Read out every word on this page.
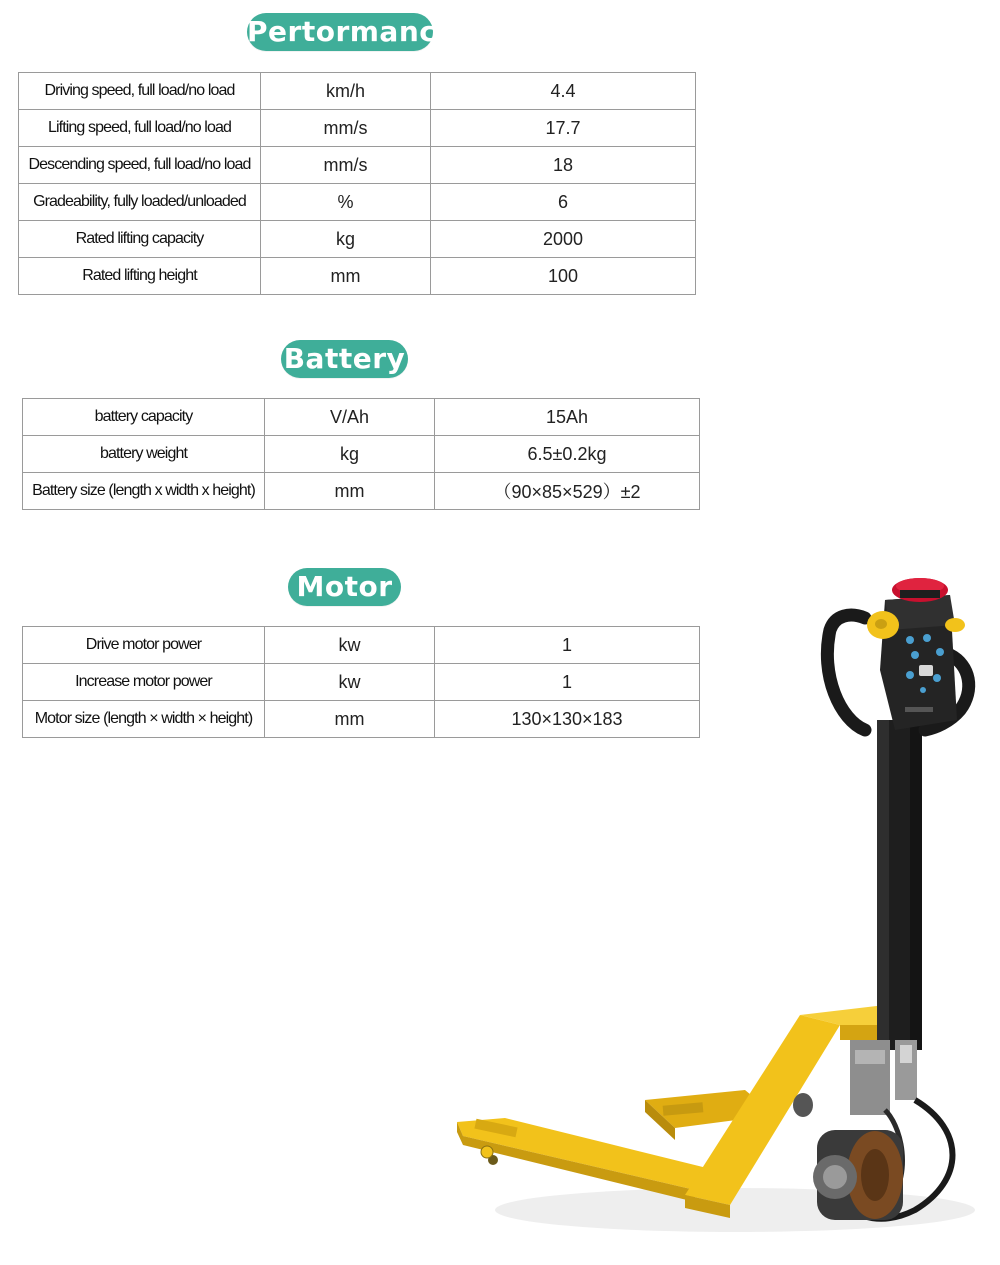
Pertormance
Driving speed, full load/no load	km/h	4.4
Lifting speed, full load/no load	mm/s	17.7
Descending speed, full load/no load	mm/s	18
Gradeability, fully loaded/unloaded	%	6
Rated lifting capacity	kg	2000
Rated lifting height	mm	100
Battery
battery capacity	V/Ah	15Ah
battery weight	kg	6.5±0.2kg
Battery size (length x width x height)	mm	（90×85×529）±2
Motor
Drive motor power	kw	1
Increase motor power	kw	1
Motor size (length × width × height)	mm	130×130×183
